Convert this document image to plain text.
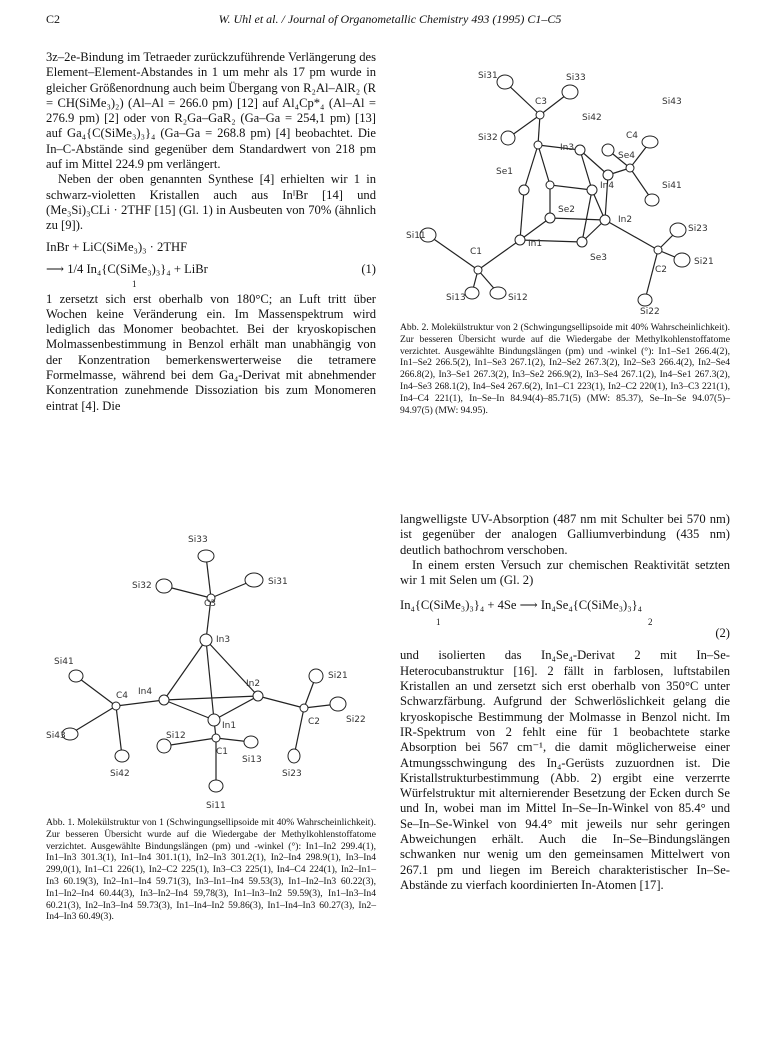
C2	W. Uhl et al. / Journal of Organometallic Chemistry 493 (1995) C1–C5

3z–2e-Bindung im Tetraeder zurückzuführende Verlängerung des Element–Element-Abstandes in 1 um mehr als 17 pm wurde in gleicher Größenordnung auch beim Übergang von R₂Al–AlR₂ (R = CH(SiMe₃)₂) (Al–Al = 266.0 pm) [12] auf Al₄Cp*₄ (Al–Al = 276.9 pm) [2] oder von R₂Ga–GaR₂ (Ga–Ga = 254,1 pm) [13] auf Ga₄{C(SiMe₃)₃}₄ (Ga–Ga = 268.8 pm) [4] beobachtet. Die In–C-Abstände sind gegenüber dem Standardwert von 218 pm auf im Mittel 224.9 pm verlängert.

Neben der oben genannten Synthese [4] erhielten wir 1 in schwarz-violetten Kristallen auch aus InᴵBr [14] und (Me₃Si)₃CLi · 2THF [15] (Gl. 1) in Ausbeuten von 70% (ähnlich zu [9]).

InBr + LiC(SiMe₃)₃ · 2THF
⟶ 1/4 In₄{C(SiMe₃)₃}₄ + LiBr
1
(1)

1 zersetzt sich erst oberhalb von 180°C; an Luft tritt über Wochen keine Veränderung ein. Im Massenspektrum wird lediglich das Monomer beobachtet. Bei der kryoskopischen Molmassenbestimmung in Benzol erhält man unabhängig von der Konzentration bemerkenswerterweise die tetramere Formelmasse, während bei dem Ga₄-Derivat mit abnehmender Konzentration zunehmende Dissoziation bis zum Monomeren eintrat [4]. Die

Si31	Si33
Si43
C3
Si42
Si32	C4
In3
Se4
Se1
In4	Si41
Se2
In2
Si23
Si11
C1
In1
Se3	Si21
C2
Si13	Si12
Si22
Abb. 2. Molekülstruktur von 2 (Schwingungsellipsoide mit 40% Wahrscheinlichkeit). Zur besseren Übersicht wurde auf die Wiedergabe der Methylkohlenstoffatome verzichtet. Ausgewählte Bindungslängen (pm) und -winkel (°): In1–Se1 266.4(2), In1–Se2 266.5(2), In1–Se3 267.1(2), In2–Se2 267.3(2), In2–Se3 266.4(2), In2–Se4 266.8(2), In3–Se1 267.3(2), In3–Se2 266.9(2), In3–Se4 267.1(2), In4–Se1 267.3(2), In4–Se3 268.1(2), In4–Se4 267.6(2), In1–C1 223(1), In2–C2 220(1), In3–C3 221(1), In4–C4 221(1), In–Se–In 84.94(4)–85.71(5) (MW: 85.37), Se–In–Se 94.07(5)–94.97(5) (MW: 94.95).
Si33
Si32	Si31
C3
In3
Si41
In2
Si21
In4
C4
Si22
Si43
In1	C2
Si12
C1
Si13
Si42	Si23
Si11
Abb. 1. Molekülstruktur von 1 (Schwingungsellipsoide mit 40% Wahrscheinlichkeit). Zur besseren Übersicht wurde auf die Wiedergabe der Methylkohlenstoffatome verzichtet. Ausgewählte Bindungslängen (pm) und -winkel (°): In1–In2 299.4(1), In1–In3 301.3(1), In1–In4 301.1(1), In2–In3 301.2(1), In2–In4 298.9(1), In3–In4 299,0(1), In1–C1 226(1), In2–C2 225(1), In3–C3 225(1), In4–C4 224(1), In2–In1–In3 60.19(3), In2–In1–In4 59.71(3), In3–In1–In4 59.53(3), In1–In2–In3 60.22(3), In1–In2–In4 60.44(3), In3–In2–In4 59,78(3), In1–In3–In2 59.59(3), In1–In3–In4 60.21(3), In2–In3–In4 59.73(3), In1–In4–In2 59.86(3), In1–In4–In3 60.27(3), In2–In4–In3 60.49(3).

langwelligste UV-Absorption (487 nm mit Schulter bei 570 nm) ist gegenüber der analogen Galliumverbindung (435 nm) deutlich bathochrom verschoben.

In einem ersten Versuch zur chemischen Reaktivität setzten wir 1 mit Selen um (Gl. 2)

In₄{C(SiMe₃)₃}₄ + 4Se ⟶ In₄Se₄{C(SiMe₃)₃}₄
1	2
(2)

und isolierten das In₄Se₄-Derivat 2 mit In–Se-Heterocubanstruktur [16]. 2 fällt in farblosen, luftstabilen Kristallen an und zersetzt sich erst oberhalb von 350°C unter Schwarzfärbung. Aufgrund der Schwerlöslichkeit gelang die kryoskopische Bestimmung der Molmasse in Benzol nicht. Im IR-Spektrum von 2 fehlt eine für 1 beobachtete starke Absorption bei 567 cm⁻¹, die damit möglicherweise einer Atmungsschwingung des In₄-Gerüsts zuzuordnen ist. Die Kristallstrukturbestimmung (Abb. 2) ergibt eine verzerrte Würfelstruktur mit alternierender Besetzung der Ecken durch Se und In, wobei man im Mittel In–Se–In-Winkel von 85.4° und Se–In–Se-Winkel von 94.4° mit jeweils nur sehr geringen Abweichungen erhält. Auch die In–Se–Bindungslängen schwanken nur wenig um den gemeinsamen Mittelwert von 267.1 pm und liegen im Bereich charakteristischer In–Se-Abstände zu vierfach koordinierten In-Atomen [17].
